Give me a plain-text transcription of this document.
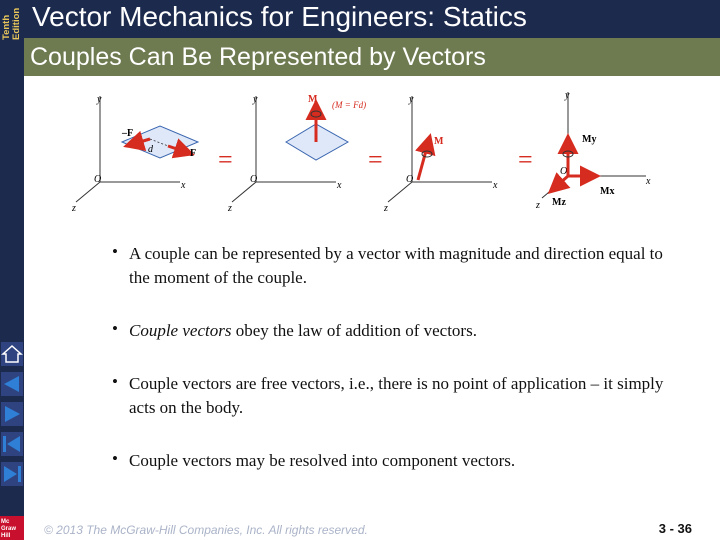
Tenth Edition
Mc
Graw
Hill
Vector Mechanics for Engineers: Statics
Couples Can Be Represented by Vectors
y
x
z
O
–F
F
d	=
y
x
z
O
M (M = Fd)
=
y
x
z
O
M
=
y
x
z
O
My
Mx
Mz
• A couple can be represented by a vector with magnitude and direction equal to the moment of the couple.
• Couple vectors obey the law of addition of vectors.
• Couple vectors are free vectors, i.e., there is no point of application – it simply acts on the body.
• Couple vectors may be resolved into component vectors.
© 2013 The McGraw-Hill Companies, Inc. All rights reserved.	3 - 36
